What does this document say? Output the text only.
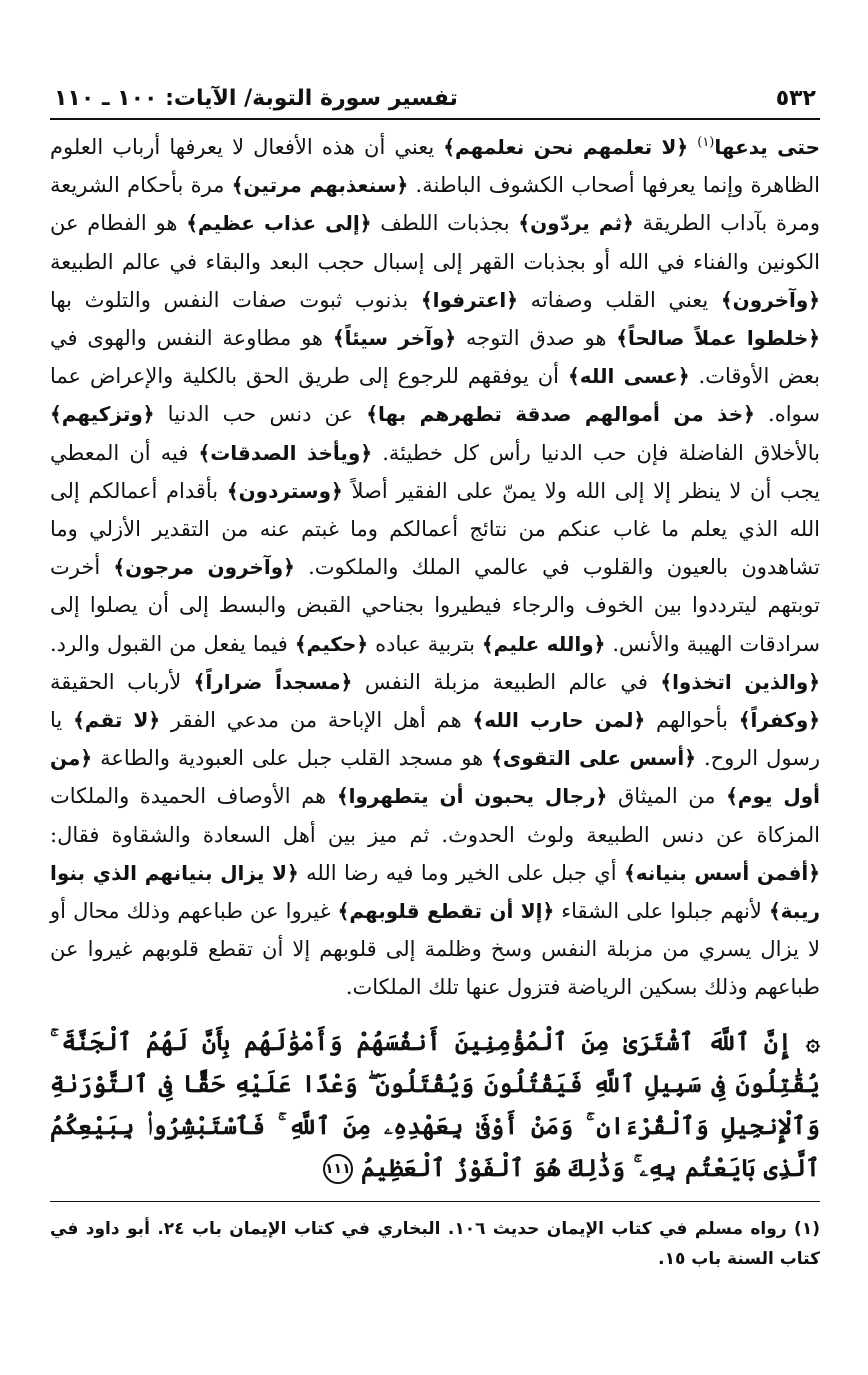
٥٣٢
تفسير سورة التوبة/ الآيات: ١٠٠ ـ ١١٠

حتى يدعها$^{(١)}$ ﴿لا تعلمهم نحن نعلمهم﴾ يعني أن هذه الأفعال لا يعرفها أرباب العلوم الظاهرة وإنما يعرفها أصحاب الكشوف الباطنة. ﴿سنعذبهم مرتين﴾ مرة بأحكام الشريعة ومرة بآداب الطريقة ﴿ثم يردّون﴾ بجذبات اللطف ﴿إلى عذاب عظيم﴾ هو الفطام عن الكونين والفناء في الله أو بجذبات القهر إلى إسبال حجب البعد والبقاء في عالم الطبيعة ﴿وآخرون﴾ يعني القلب وصفاته ﴿اعترفوا﴾ بذنوب ثبوت صفات النفس والتلوث بها ﴿خلطوا عملاً صالحاً﴾ هو صدق التوجه ﴿وآخر سيئاً﴾ هو مطاوعة النفس والهوى في بعض الأوقات. ﴿عسى الله﴾ أن يوفقهم للرجوع إلى طريق الحق بالكلية والإعراض عما سواه. ﴿خذ من أموالهم صدقة تطهرهم بها﴾ عن دنس حب الدنيا ﴿وتزكيهم﴾ بالأخلاق الفاضلة فإن حب الدنيا رأس كل خطيئة. ﴿ويأخذ الصدقات﴾ فيه أن المعطي يجب أن لا ينظر إلا إلى الله ولا يمنّ على الفقير أصلاً ﴿وستردون﴾ بأقدام أعمالكم إلى الله الذي يعلم ما غاب عنكم من نتائج أعمالكم وما غبتم عنه من التقدير الأزلي وما تشاهدون بالعيون والقلوب في عالمي الملك والملكوت. ﴿وآخرون مرجون﴾ أخرت توبتهم ليترددوا بين الخوف والرجاء فيطيروا بجناحي القبض والبسط إلى أن يصلوا إلى سرادقات الهيبة والأنس. ﴿والله عليم﴾ بتربية عباده ﴿حكيم﴾ فيما يفعل من القبول والرد. ﴿والذين اتخذوا﴾ في عالم الطبيعة مزبلة النفس ﴿مسجداً ضراراً﴾ لأرباب الحقيقة ﴿وكفراً﴾ بأحوالهم ﴿لمن حارب الله﴾ هم أهل الإباحة من مدعي الفقر ﴿لا تقم﴾ يا رسول الروح. ﴿أسس على التقوى﴾ هو مسجد القلب جبل على العبودية والطاعة ﴿من أول يوم﴾ من الميثاق ﴿رجال يحبون أن يتطهروا﴾ هم الأوصاف الحميدة والملكات المزكاة عن دنس الطبيعة ولوث الحدوث. ثم ميز بين أهل السعادة والشقاوة فقال: ﴿أفمن أسس بنيانه﴾ أي جبل على الخير وما فيه رضا الله ﴿لا يزال بنيانهم الذي بنوا ريبة﴾ لأنهم جبلوا على الشقاء ﴿إلا أن تقطع قلوبهم﴾ غيروا عن طباعهم وذلك محال أو لا يزال يسري من مزبلة النفس وسخ وظلمة إلى قلوبهم إلا أن تقطع قلوبهم غيروا عن طباعهم وذلك بسكين الرياضة فتزول عنها تلك الملكات.

۞ إِنَّ ٱللَّهَ ٱشْتَرَىٰ مِنَ ٱلْمُؤْمِنِينَ أَنفُسَهُمْ وَأَمْوَٰلَهُم بِأَنَّ لَهُمُ ٱلْجَنَّةَ ۚ يُقَٰتِلُونَ فِى سَبِيلِ ٱللَّهِ فَيَقْتُلُونَ وَيُقْتَلُونَ ۖ وَعْدًا عَلَيْهِ حَقًّا فِى ٱلتَّوْرَىٰةِ وَٱلْإِنجِيلِ وَٱلْقُرْءَانِ ۚ وَمَنْ أَوْفَىٰ بِعَهْدِهِۦ مِنَ ٱللَّهِ ۚ فَٱسْتَبْشِرُوا۟ بِبَيْعِكُمُ ٱلَّذِى بَايَعْتُم بِهِۦ ۚ وَذَٰلِكَ هُوَ ٱلْفَوْزُ ٱلْعَظِيمُ ١١١
(١) رواه مسلم في كتاب الإيمان حديث ١٠٦. البخاري في كتاب الإيمان باب ٢٤. أبو داود في كتاب السنة باب ١٥.
